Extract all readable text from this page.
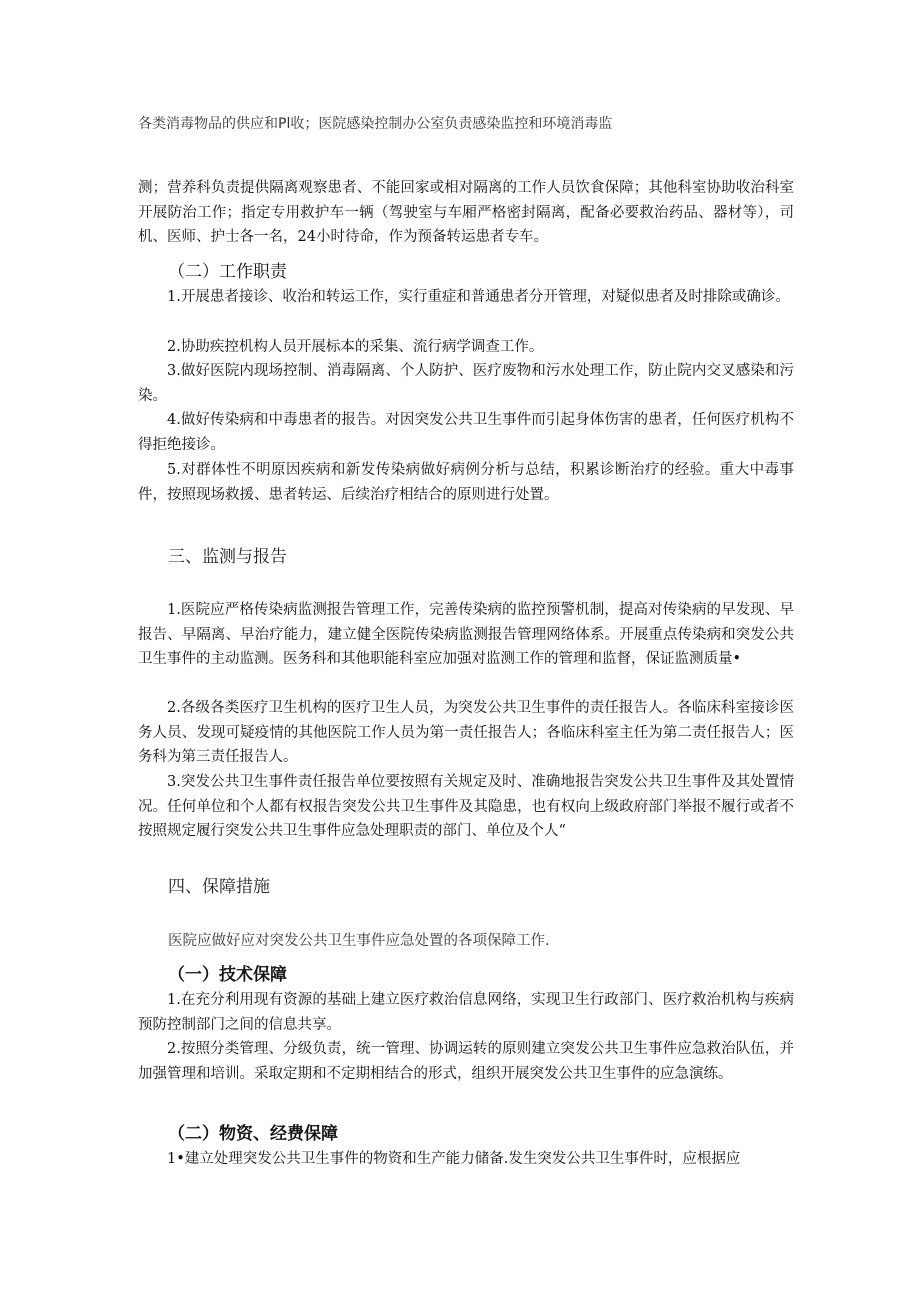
各类消毒物品的供应和Pl收；医院感染控制办公室负责感染监控和环境消毒监

测；营养科负责提供隔离观察患者、不能回家或相对隔离的工作人员饮食保障；其他科室协助收治科室开展防治工作；指定专用救护车一辆（驾驶室与车厢严格密封隔离，配备必要救治药品、器材等），司机、医师、护士各一名，24小时待命，作为预备转运患者专车。

（二）工作职责

1.开展患者接诊、收治和转运工作，实行重症和普通患者分开管理，对疑似患者及时排除或确诊。

2.协助疾控机构人员开展标本的采集、流行病学调查工作。

3.做好医院内现场控制、消毒隔离、个人防护、医疗废物和污水处理工作，防止院内交叉感染和污染。

4.做好传染病和中毒患者的报告。对因突发公共卫生事件而引起身体伤害的患者，任何医疗机构不得拒绝接诊。

5.对群体性不明原因疾病和新发传染病做好病例分析与总结，积累诊断治疗的经验。重大中毒事件，按照现场救援、患者转运、后续治疗相结合的原则进行处置。

三、监测与报告

1.医院应严格传染病监测报告管理工作，完善传染病的监控预警机制，提高对传染病的早发现、早报告、早隔离、早治疗能力，建立健全医院传染病监测报告管理网络体系。开展重点传染病和突发公共卫生事件的主动监测。医务科和其他职能科室应加强对监测工作的管理和监督，保证监测质量•

2.各级各类医疗卫生机构的医疗卫生人员，为突发公共卫生事件的责任报告人。各临床科室接诊医务人员、发现可疑疫情的其他医院工作人员为第一责任报告人；各临床科室主任为第二责任报告人；医务科为第三责任报告人。

3.突发公共卫生事件责任报告单位要按照有关规定及时、准确地报告突发公共卫生事件及其处置情况。任何单位和个人都有权报告突发公共卫生事件及其隐患，也有权向上级政府部门举报不履行或者不按照规定履行突发公共卫生事件应急处理职责的部门、单位及个人“

四、保障措施

医院应做好应对突发公共卫生事件应急处置的各项保障工作.

（一）技术保障

1.在充分利用现有资源的基础上建立医疗救治信息网络，实现卫生行政部门、医疗救治机构与疾病预防控制部门之间的信息共享。

2.按照分类管理、分级负责，统一管理、协调运转的原则建立突发公共卫生事件应急救治队伍，并加强管理和培训。采取定期和不定期相结合的形式，组织开展突发公共卫生事件的应急演练。

（二）物资、经费保障

1•建立处理突发公共卫生事件的物资和生产能力储备.发生突发公共卫生事件时，应根据应
